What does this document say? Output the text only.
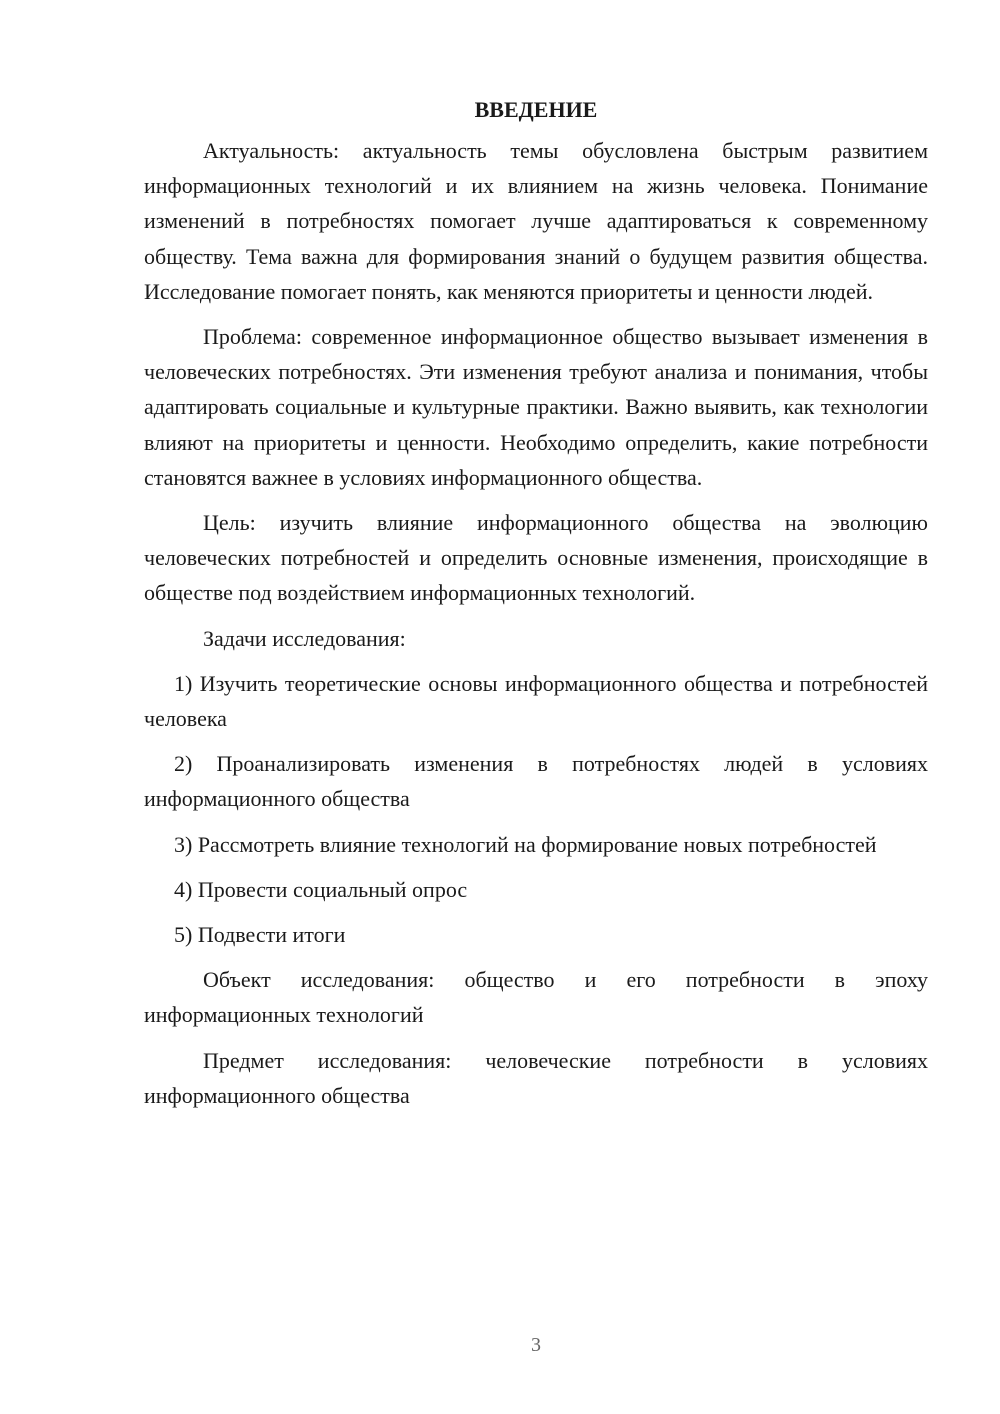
ВВЕДЕНИЕ

Актуальность: актуальность темы обусловлена быстрым развитием информационных технологий и их влиянием на жизнь человека. Понимание изменений в потребностях помогает лучше адаптироваться к современному обществу. Тема важна для формирования знаний о будущем развития общества. Исследование помогает понять, как меняются приоритеты и ценности людей.

Проблема: современное информационное общество вызывает изменения в человеческих потребностях. Эти изменения требуют анализа и понимания, чтобы адаптировать социальные и культурные практики. Важно выявить, как технологии влияют на приоритеты и ценности. Необходимо определить, какие потребности становятся важнее в условиях информационного общества.

Цель: изучить влияние информационного общества на эволюцию человеческих потребностей и определить основные изменения, происходящие в обществе под воздействием информационных технологий.

Задачи исследования:

1) Изучить теоретические основы информационного общества и потребностей человека

2) Проанализировать изменения в потребностях людей в условиях информационного общества

3) Рассмотреть влияние технологий на формирование новых потребностей

4) Провести социальный опрос

5) Подвести итоги

Объект исследования: общество и его потребности в эпоху информационных технологий

Предмет исследования: человеческие потребности в условиях информационного общества

3
